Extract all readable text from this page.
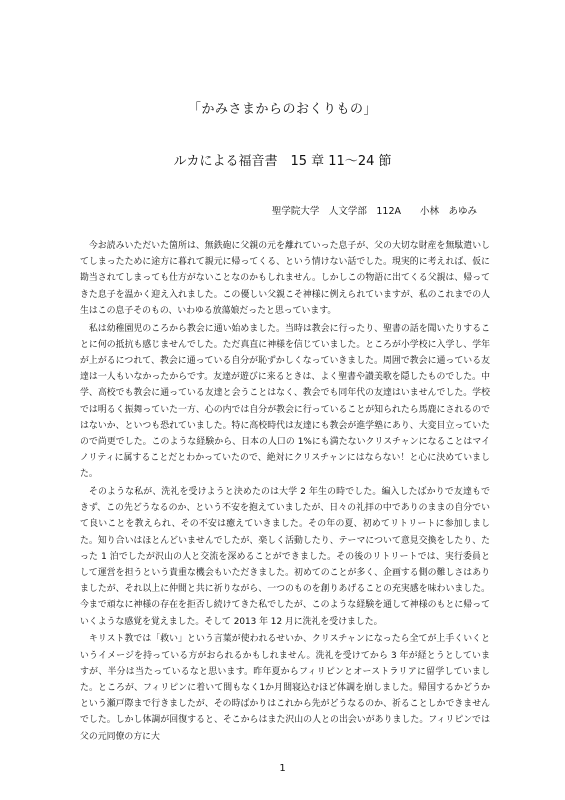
「かみさまからのおくりもの」
ルカによる福音書　15 章 11～24 節
聖学院大学　人文学部　112A　　小林　あゆみ

今お読みいただいた箇所は、無鉄砲に父親の元を離れていった息子が、父の大切な財産を無駄遣いしてしまったために途方に暮れて親元に帰ってくる、という情けない話でした。現実的に考えれば、仮に勘当されてしまっても仕方がないことなのかもしれません。しかしこの物語に出てくる父親は、帰ってきた息子を温かく迎え入れました。この優しい父親こそ神様に例えられていますが、私のこれまでの人生はこの息子そのもの、いわゆる放蕩娘だったと思っています。

私は幼稚園児のころから教会に通い始めました。当時は教会に行ったり、聖書の話を聞いたりすることに何の抵抗も感じませんでした。ただ真直に神様を信じていました。ところが小学校に入学し、学年が上がるにつれて、教会に通っている自分が恥ずかしくなっていきました。周囲で教会に通っている友達は一人もいなかったからです。友達が遊びに来るときは、よく聖書や讃美歌を隠したものでした。中学、高校でも教会に通っている友達と会うことはなく、教会でも同年代の友達はいませんでした。学校では明るく振舞っていた一方、心の内では自分が教会に行っていることが知られたら馬鹿にされるのではないか、といつも恐れていました。特に高校時代は友達にも教会が進学塾にあり、大変目立っていたので尚更でした。このような経験から、日本の人口の 1%にも満たないクリスチャンになることはマイノリティに属することだとわかっていたので、絶対にクリスチャンにはならない！と心に決めていました。

そのような私が、洗礼を受けようと決めたのは大学 2 年生の時でした。編入したばかりで友達もできず、この先どうなるのか、という不安を抱えていましたが、日々の礼拝の中でありのままの自分でいて良いことを教えられ、その不安は癒えていきました。その年の夏、初めてリトリートに参加しました。知り合いはほとんどいませんでしたが、楽しく活動したり、テーマについて意見交換をしたり、たった 1 泊でしたが沢山の人と交流を深めることができました。その後のリトリートでは、実行委員として運営を担うという貴重な機会もいただきました。初めてのことが多く、企画する側の難しさはありましたが、それ以上に仲間と共に祈りながら、一つのものを創りあげることの充実感を味わいました。今まで頑なに神様の存在を拒否し続けてきた私でしたが、このような経験を通して神様のもとに帰っていくような感覚を覚えました。そして 2013 年 12 月に洗礼を受けました。

キリスト教では「救い」という言葉が使われるせいか、クリスチャンになったら全てが上手くいくというイメージを持っている方がおられるかもしれません。洗礼を受けてから 3 年が経とうとしていますが、半分は当たっているなと思います。昨年夏からフィリピンとオーストラリアに留学していました。ところが、フィリピンに着いて間もなく1か月間寝込むほど体調を崩しました。帰国するかどうかという瀬戸際まで行きましたが、その時ばかりはこれから先がどうなるのか、祈ることしかできませんでした。しかし体調が回復すると、そこからはまた沢山の人との出会いがありました。フィリピンでは父の元同僚の方に大

1
